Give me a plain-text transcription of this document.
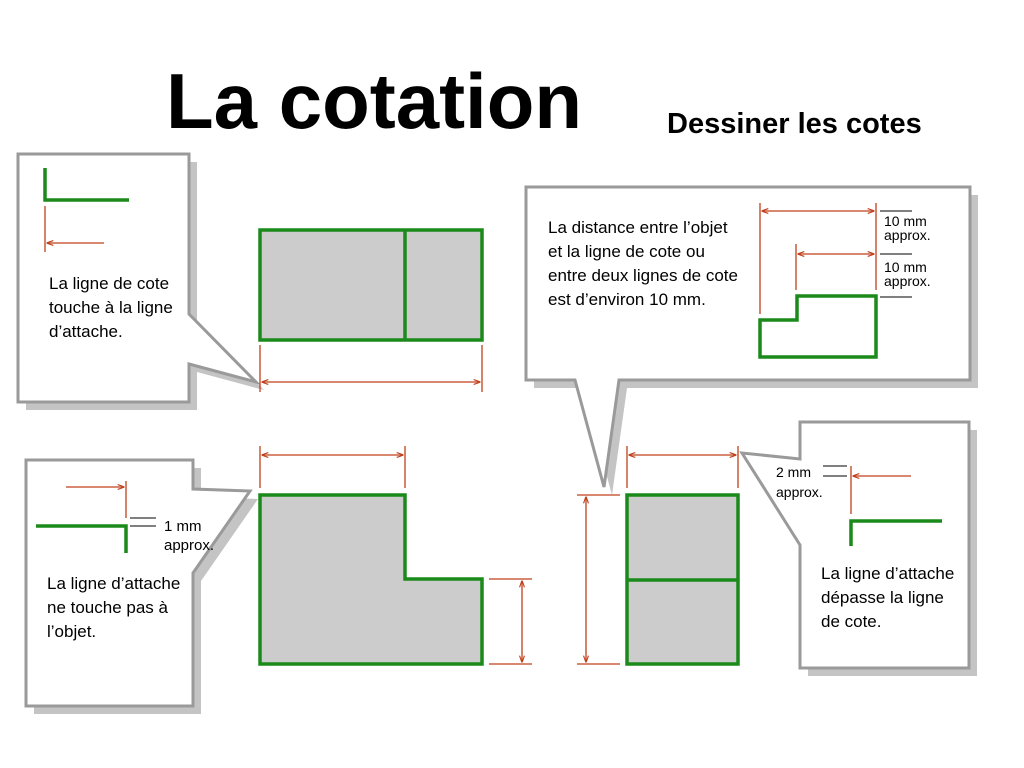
La cotation	Dessiner les cotes
La ligne de cote touche à la ligne d’attache.
La distance entre l’objet et la ligne de cote ou entre deux lignes de cote est d’environ 10 mm.
La ligne d’attache ne touche pas à l’objet.
La ligne d’attache dépasse la ligne de cote.
10 mm
approx.
10 mm
approx.
1 mm
approx.
2 mm
approx.
